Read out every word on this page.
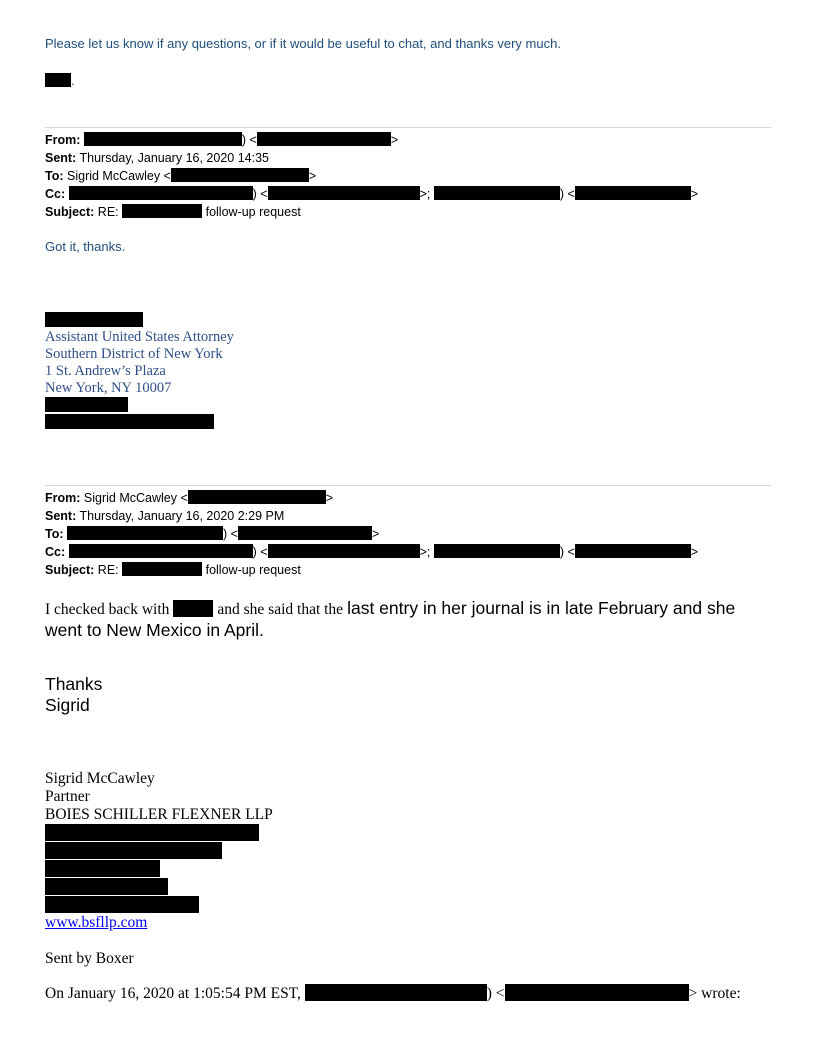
Please let us know if any questions, or if it would be useful to chat, and thanks very much.
.
From:	) <	>
Sent: Thursday, January 16, 2020 14:35
To: Sigrid McCawley <	>
Cc:	) <	>;	) <	>
Subject: RE:	follow-up request
Got it, thanks.
Assistant United States Attorney
Southern District of New York
1 St. Andrew’s Plaza
New York, NY 10007
From: Sigrid McCawley <	>
Sent: Thursday, January 16, 2020 2:29 PM
To:	) <	>
Cc:	) <	>;	) <	>
Subject: RE:	follow-up request
I checked back with	and she said that the last entry in her journal is in late February and she
went to New Mexico in April.
Thanks
Sigrid
Sigrid McCawley
Partner
BOIES SCHILLER FLEXNER LLP
www.bsfllp.com
Sent by Boxer
On January 16, 2020 at 1:05:54 PM EST,	) <	> wrote:
